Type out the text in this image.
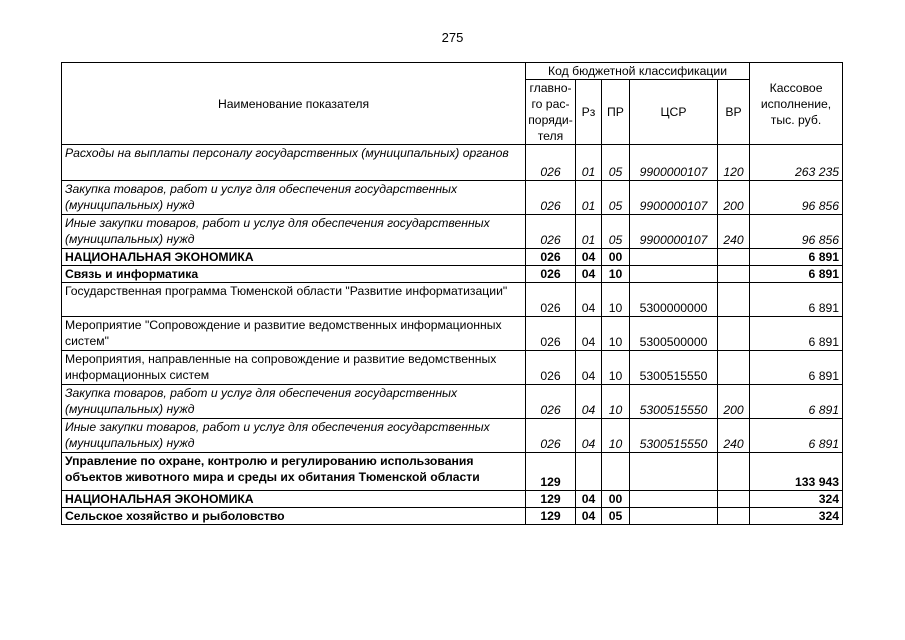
275
Наименование показателя	Код бюджетной классификации					Кассовое исполнение, тыс. руб.
	главно-го рас-поряди-теля	Рз	ПР	ЦСР	ВР	
Расходы на выплаты персоналу государственных (муниципальных) органов	026	01	05	9900000107	120	263 235
Закупка товаров, работ и услуг для обеспечения государственных (муниципальных) нужд	026	01	05	9900000107	200	96 856
Иные закупки товаров, работ и услуг для обеспечения государственных (муниципальных) нужд	026	01	05	9900000107	240	96 856
НАЦИОНАЛЬНАЯ ЭКОНОМИКА	026	04	00			6 891
Связь и информатика	026	04	10			6 891
Государственная программа Тюменской области "Развитие информатизации"	026	04	10	5300000000		6 891
Мероприятие "Сопровождение и развитие ведомственных информационных систем"	026	04	10	5300500000		6 891
Мероприятия, направленные на сопровождение и развитие ведомственных информационных систем	026	04	10	5300515550		6 891
Закупка товаров, работ и услуг для обеспечения государственных (муниципальных) нужд	026	04	10	5300515550	200	6 891
Иные закупки товаров, работ и услуг для обеспечения государственных (муниципальных) нужд	026	04	10	5300515550	240	6 891
Управление по охране, контролю и регулированию использования объектов животного мира и среды их обитания Тюменской области	129					133 943
НАЦИОНАЛЬНАЯ ЭКОНОМИКА	129	04	00			324
Сельское хозяйство и рыболовство	129	04	05			324
